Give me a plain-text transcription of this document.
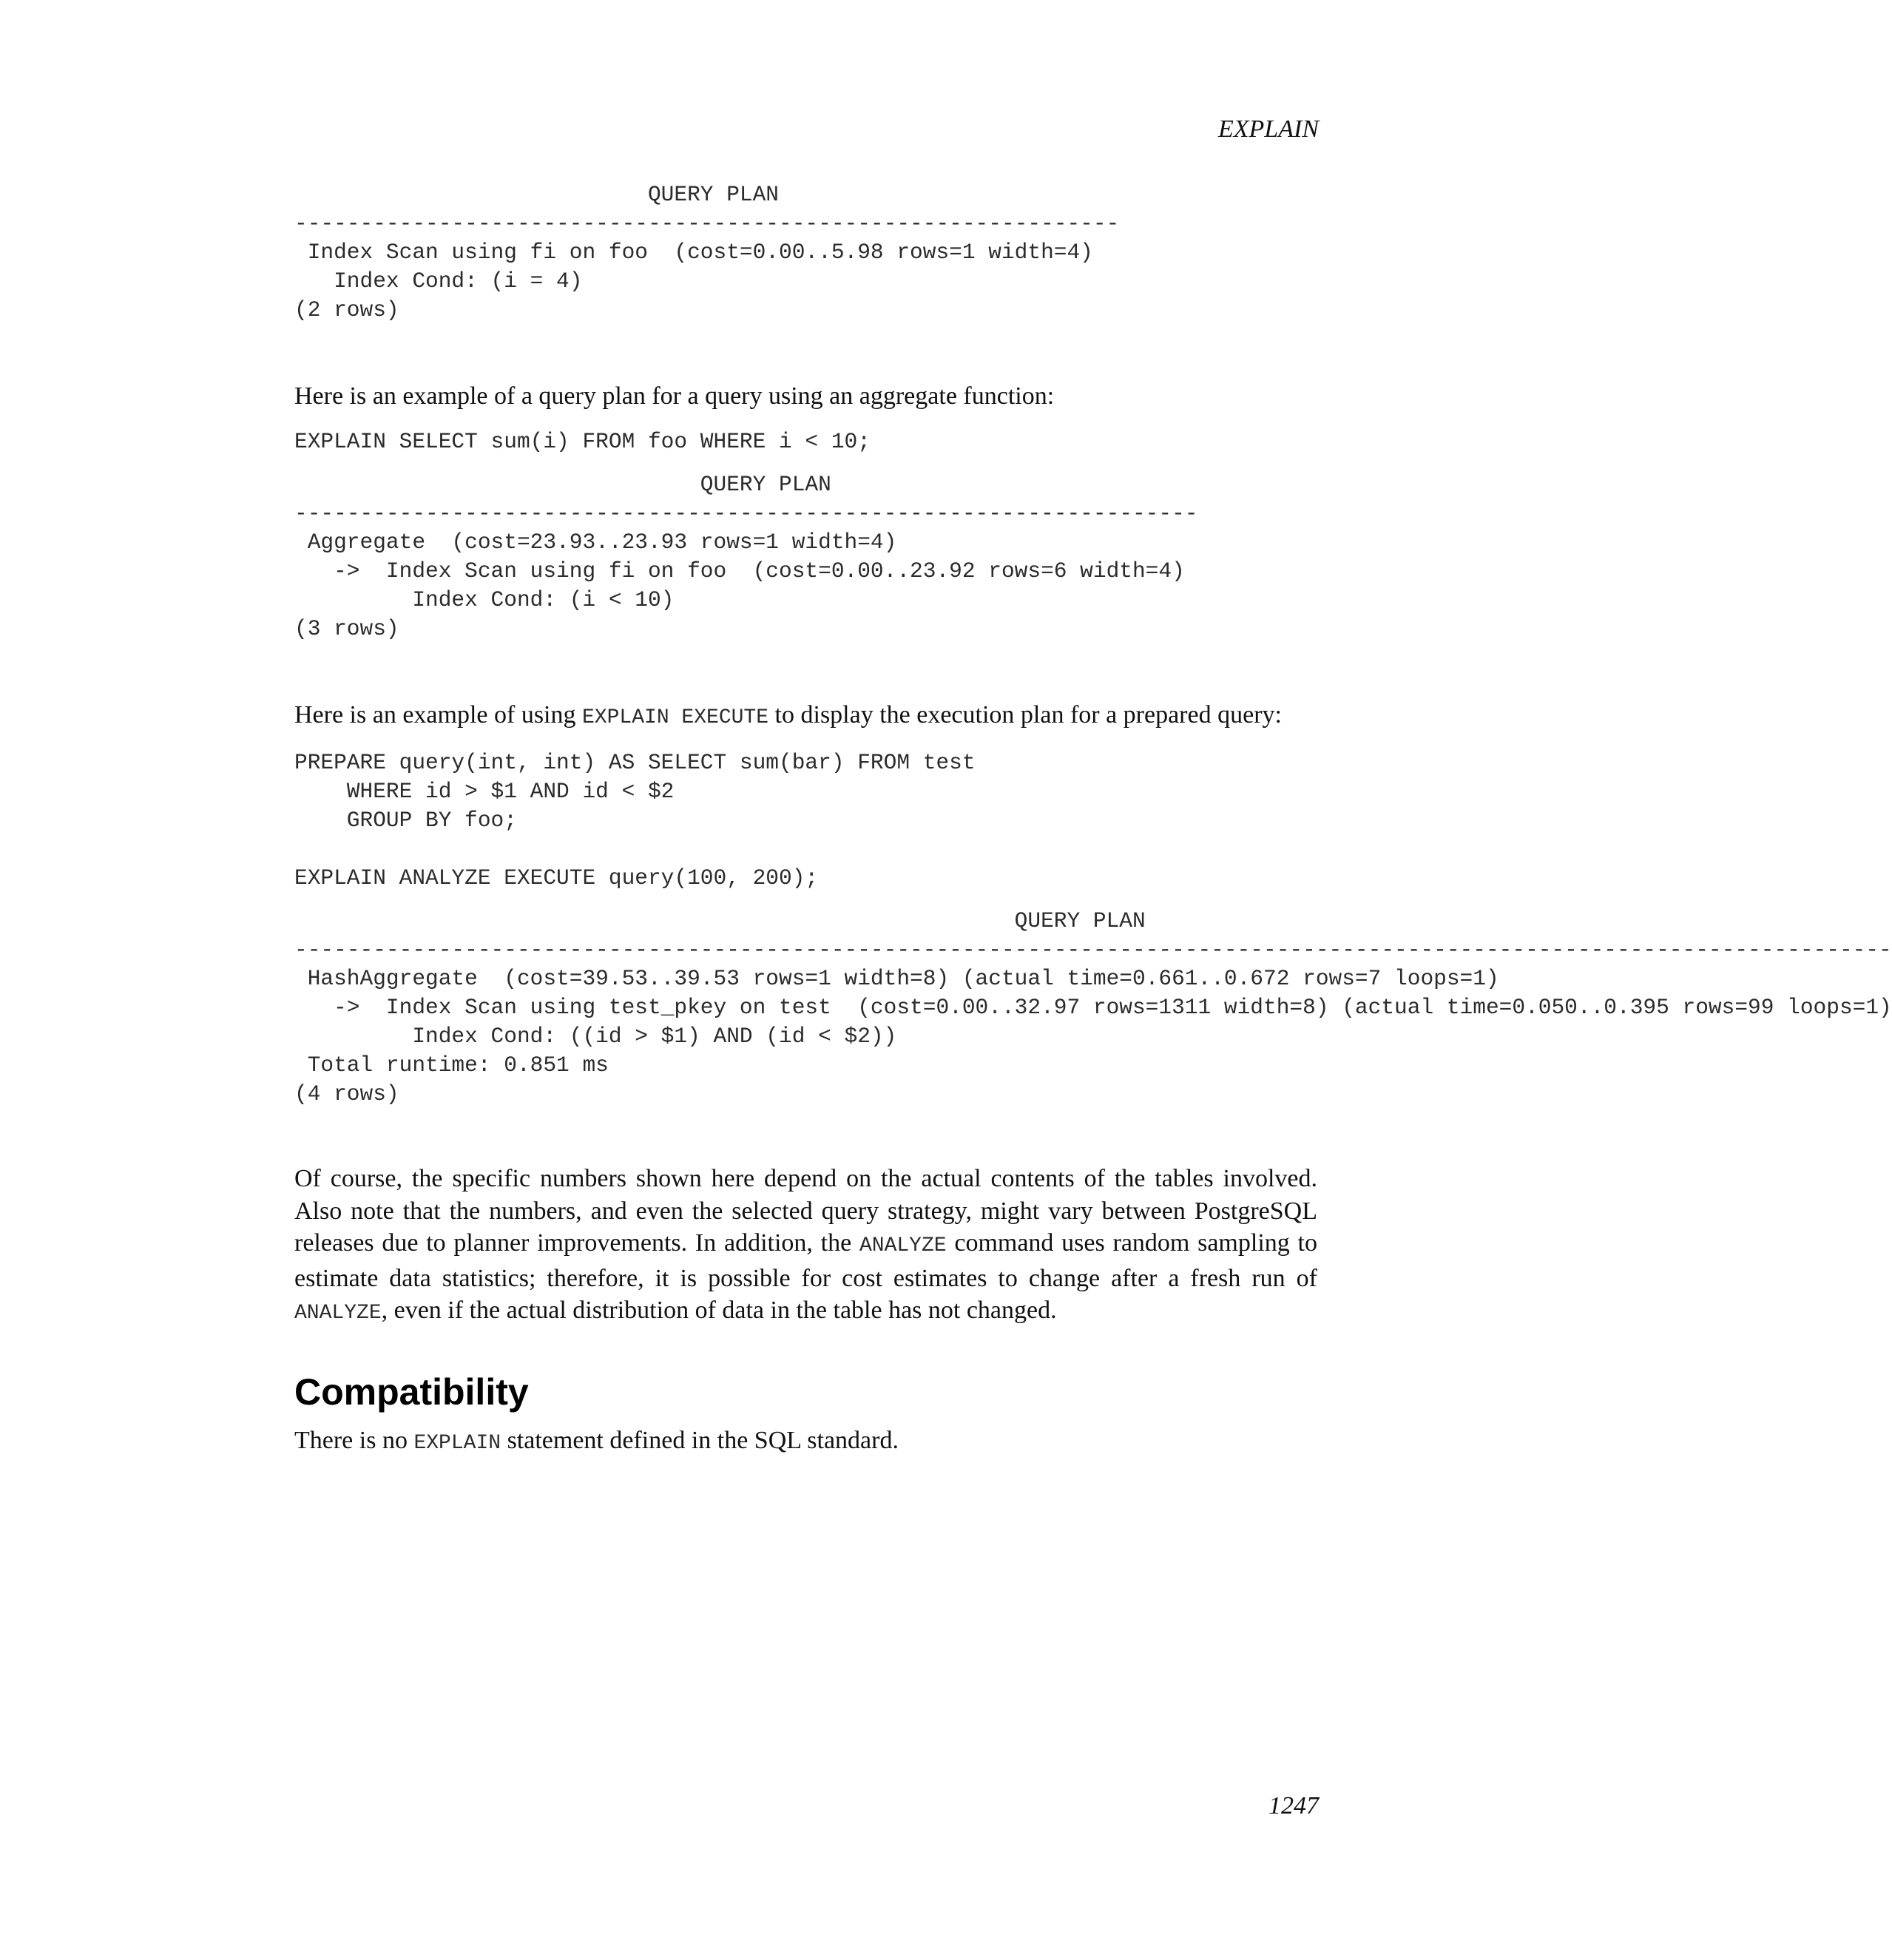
EXPLAIN

QUERY PLAN
---------------------------------------------------------------
Index Scan using fi on foo  (cost=0.00..5.98 rows=1 width=4)
Index Cond: (i = 4)
(2 rows)

Here is an example of a query plan for a query using an aggregate function:

EXPLAIN SELECT sum(i) FROM foo WHERE i < 10;
QUERY PLAN
---------------------------------------------------------------------
Aggregate  (cost=23.93..23.93 rows=1 width=4)
->  Index Scan using fi on foo  (cost=0.00..23.92 rows=6 width=4)
Index Cond: (i < 10)
(3 rows)

Here is an example of using EXPLAIN EXECUTE to display the execution plan for a prepared query:

PREPARE query(int, int) AS SELECT sum(bar) FROM test
WHERE id > $1 AND id < $2
GROUP BY foo;

EXPLAIN ANALYZE EXECUTE query(100, 200);
QUERY PLAN
--------------------------------------------------------------------------------------------------------------------------
HashAggregate  (cost=39.53..39.53 rows=1 width=8) (actual time=0.661..0.672 rows=7 loops=1)
->  Index Scan using test_pkey on test  (cost=0.00..32.97 rows=1311 width=8) (actual time=0.050..0.395 rows=99 loops=1)
Index Cond: ((id > $1) AND (id < $2))
Total runtime: 0.851 ms
(4 rows)

Of course, the specific numbers shown here depend on the actual contents of the tables involved. Also note that the numbers, and even the selected query strategy, might vary between PostgreSQL releases due to planner improvements. In addition, the ANALYZE command uses random sampling to estimate data statistics; therefore, it is possible for cost estimates to change after a fresh run of ANALYZE, even if the actual distribution of data in the table has not changed.

Compatibility

There is no EXPLAIN statement defined in the SQL standard.

1247
